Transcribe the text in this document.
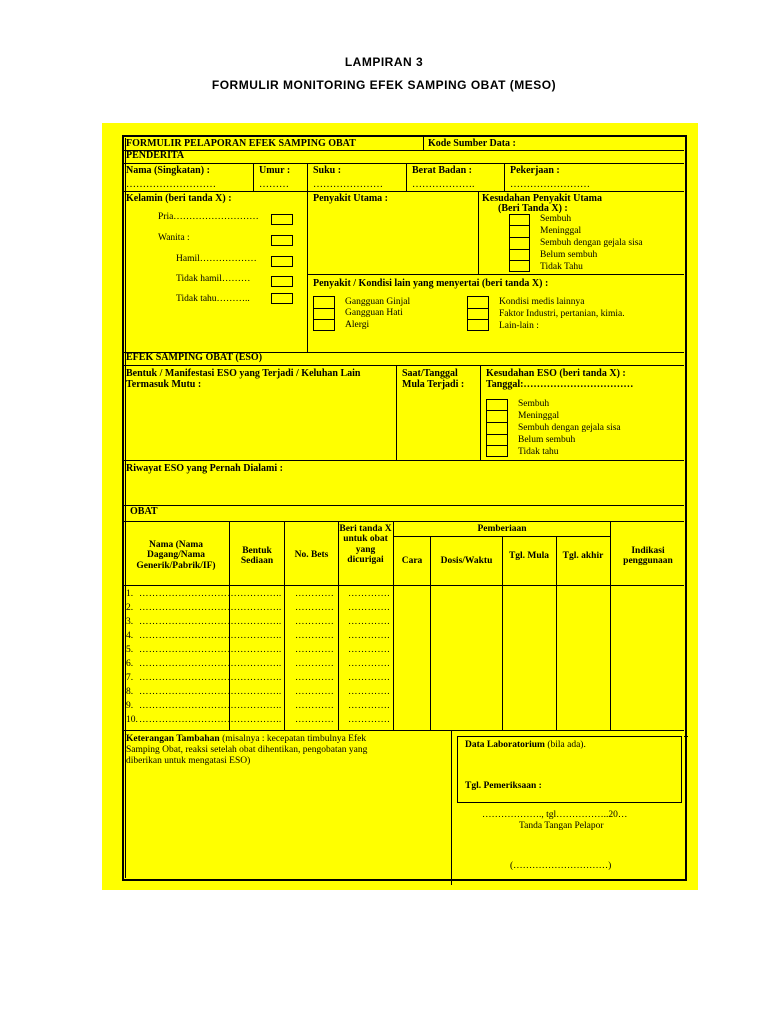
LAMPIRAN 3
FORMULIR MONITORING EFEK SAMPING OBAT (MESO)
FORMULIR PELAPORAN EFEK SAMPING OBAT	Kode Sumber Data :
PENDERITA
Nama (Singkatan) :
………………………
Umur :
………
Suku :
…………………
Berat Badan :
……………….
Pekerjaan :
……………………
Kelamin (beri tanda X) :
Pria………………………
Wanita :
Hamil………………
Tidak hamil………
Tidak tahu………..
Penyakit Utama :	Kesudahan Penyakit Utama
(Beri Tanda X) :
Sembuh
Meninggal
Sembuh dengan gejala sisa
Belum sembuh
Tidak Tahu
Penyakit / Kondisi lain yang menyertai (beri tanda X) :
Gangguan Ginjal
Gangguan Hati
Alergi
Kondisi medis lainnya
Faktor Industri, pertanian, kimia.
Lain-lain :
EFEK SAMPING OBAT (ESO)
Bentuk / Manifestasi ESO yang Terjadi / Keluhan Lain
Termasuk Mutu :
Saat/Tanggal
Mula Terjadi :
Kesudahan ESO (beri tanda X) :
Tanggal:……………………………
Sembuh
Meninggal
Sembuh dengan gejala sisa
Belum sembuh
Tidak tahu
Riwayat ESO yang Pernah Dialami :
OBAT
Nama (Nama Dagang/Nama Generik/Pabrik/IF)
Bentuk Sediaan
No. Bets
Beri tanda X untuk obat yang dicurigai
Pemberiaan
Cara	Dosis/Waktu	Tgl. Mula Tgl. akhir	Indikasi penggunaan
1. ………………………… ………….. ………… ………….
2. ………………………… ………….. ………… ………….
3. ………………………… ………….. ………… ………….
4. ………………………… ………….. ………… ………….
5. ………………………… ………….. ………… ………….
6. ………………………… ………….. ………… ………….
7. ………………………… ………….. ………… ………….
8. ………………………… ………….. ………… ………….
9. ………………………… ………….. ………… ………….
10. ………………………… ………….. ………… ………….
Keterangan Tambahan (misalnya : kecepatan timbulnya Efek
Samping Obat, reaksi setelah obat dihentikan, pengobatan yang
diberikan untuk mengatasi ESO)
Data Laboratorium (bila ada).
Tgl. Pemeriksaan :
………………., tgl……………..20…
Tanda Tangan Pelapor
(…………………………)
